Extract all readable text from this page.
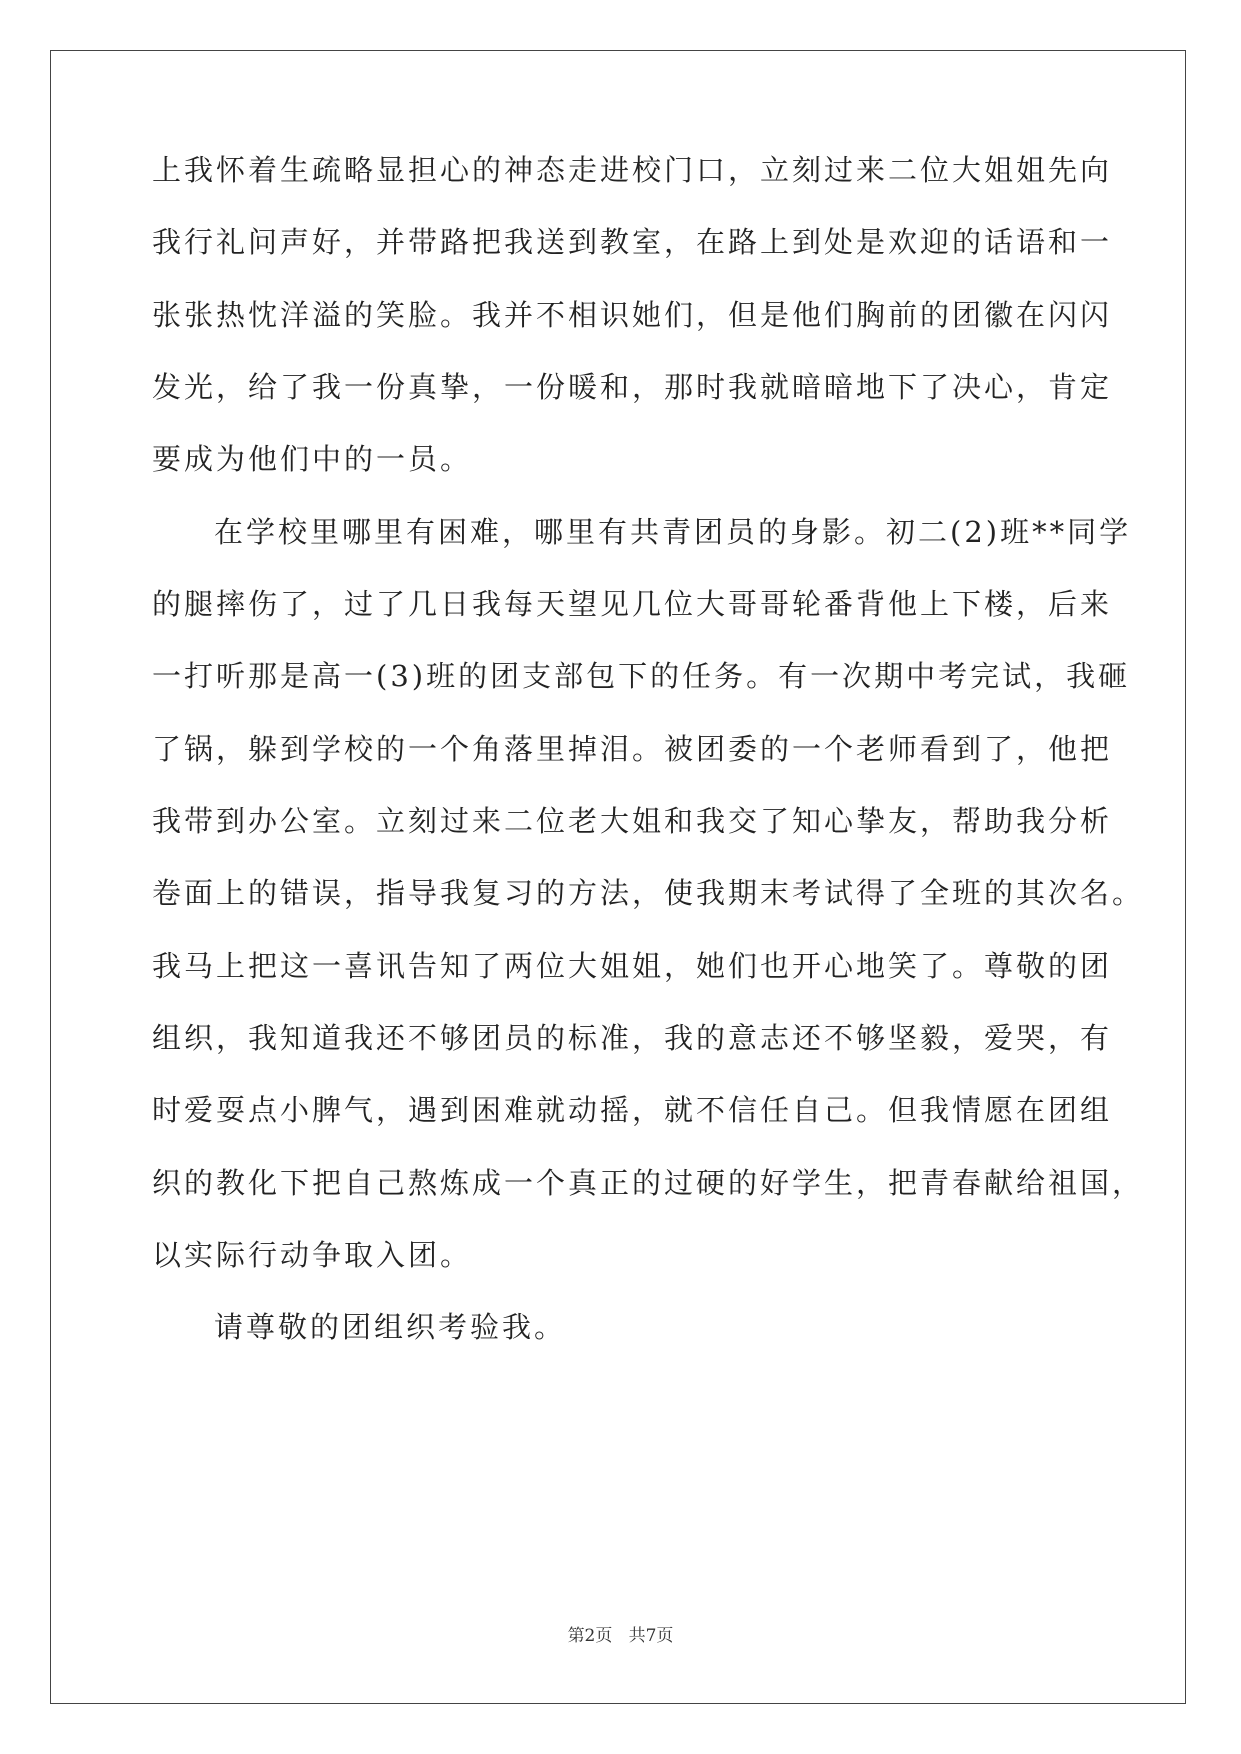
上我怀着生疏略显担心的神态走进校门口，立刻过来二位大姐姐先向
我行礼问声好，并带路把我送到教室，在路上到处是欢迎的话语和一
张张热忱洋溢的笑脸。我并不相识她们，但是他们胸前的团徽在闪闪
发光，给了我一份真挚，一份暖和，那时我就暗暗地下了决心，肯定
要成为他们中的一员。
在学校里哪里有困难，哪里有共青团员的身影。初二(2)班**同学
的腿摔伤了，过了几日我每天望见几位大哥哥轮番背他上下楼，后来
一打听那是高一(3)班的团支部包下的任务。有一次期中考完试，我砸
了锅，躲到学校的一个角落里掉泪。被团委的一个老师看到了，他把
我带到办公室。立刻过来二位老大姐和我交了知心挚友，帮助我分析
卷面上的错误，指导我复习的方法，使我期末考试得了全班的其次名。
我马上把这一喜讯告知了两位大姐姐，她们也开心地笑了。尊敬的团
组织，我知道我还不够团员的标准，我的意志还不够坚毅，爱哭，有
时爱耍点小脾气，遇到困难就动摇，就不信任自己。但我情愿在团组
织的教化下把自己熬炼成一个真正的过硬的好学生，把青春献给祖国，
以实际行动争取入团。
请尊敬的团组织考验我。
第2页 共7页
